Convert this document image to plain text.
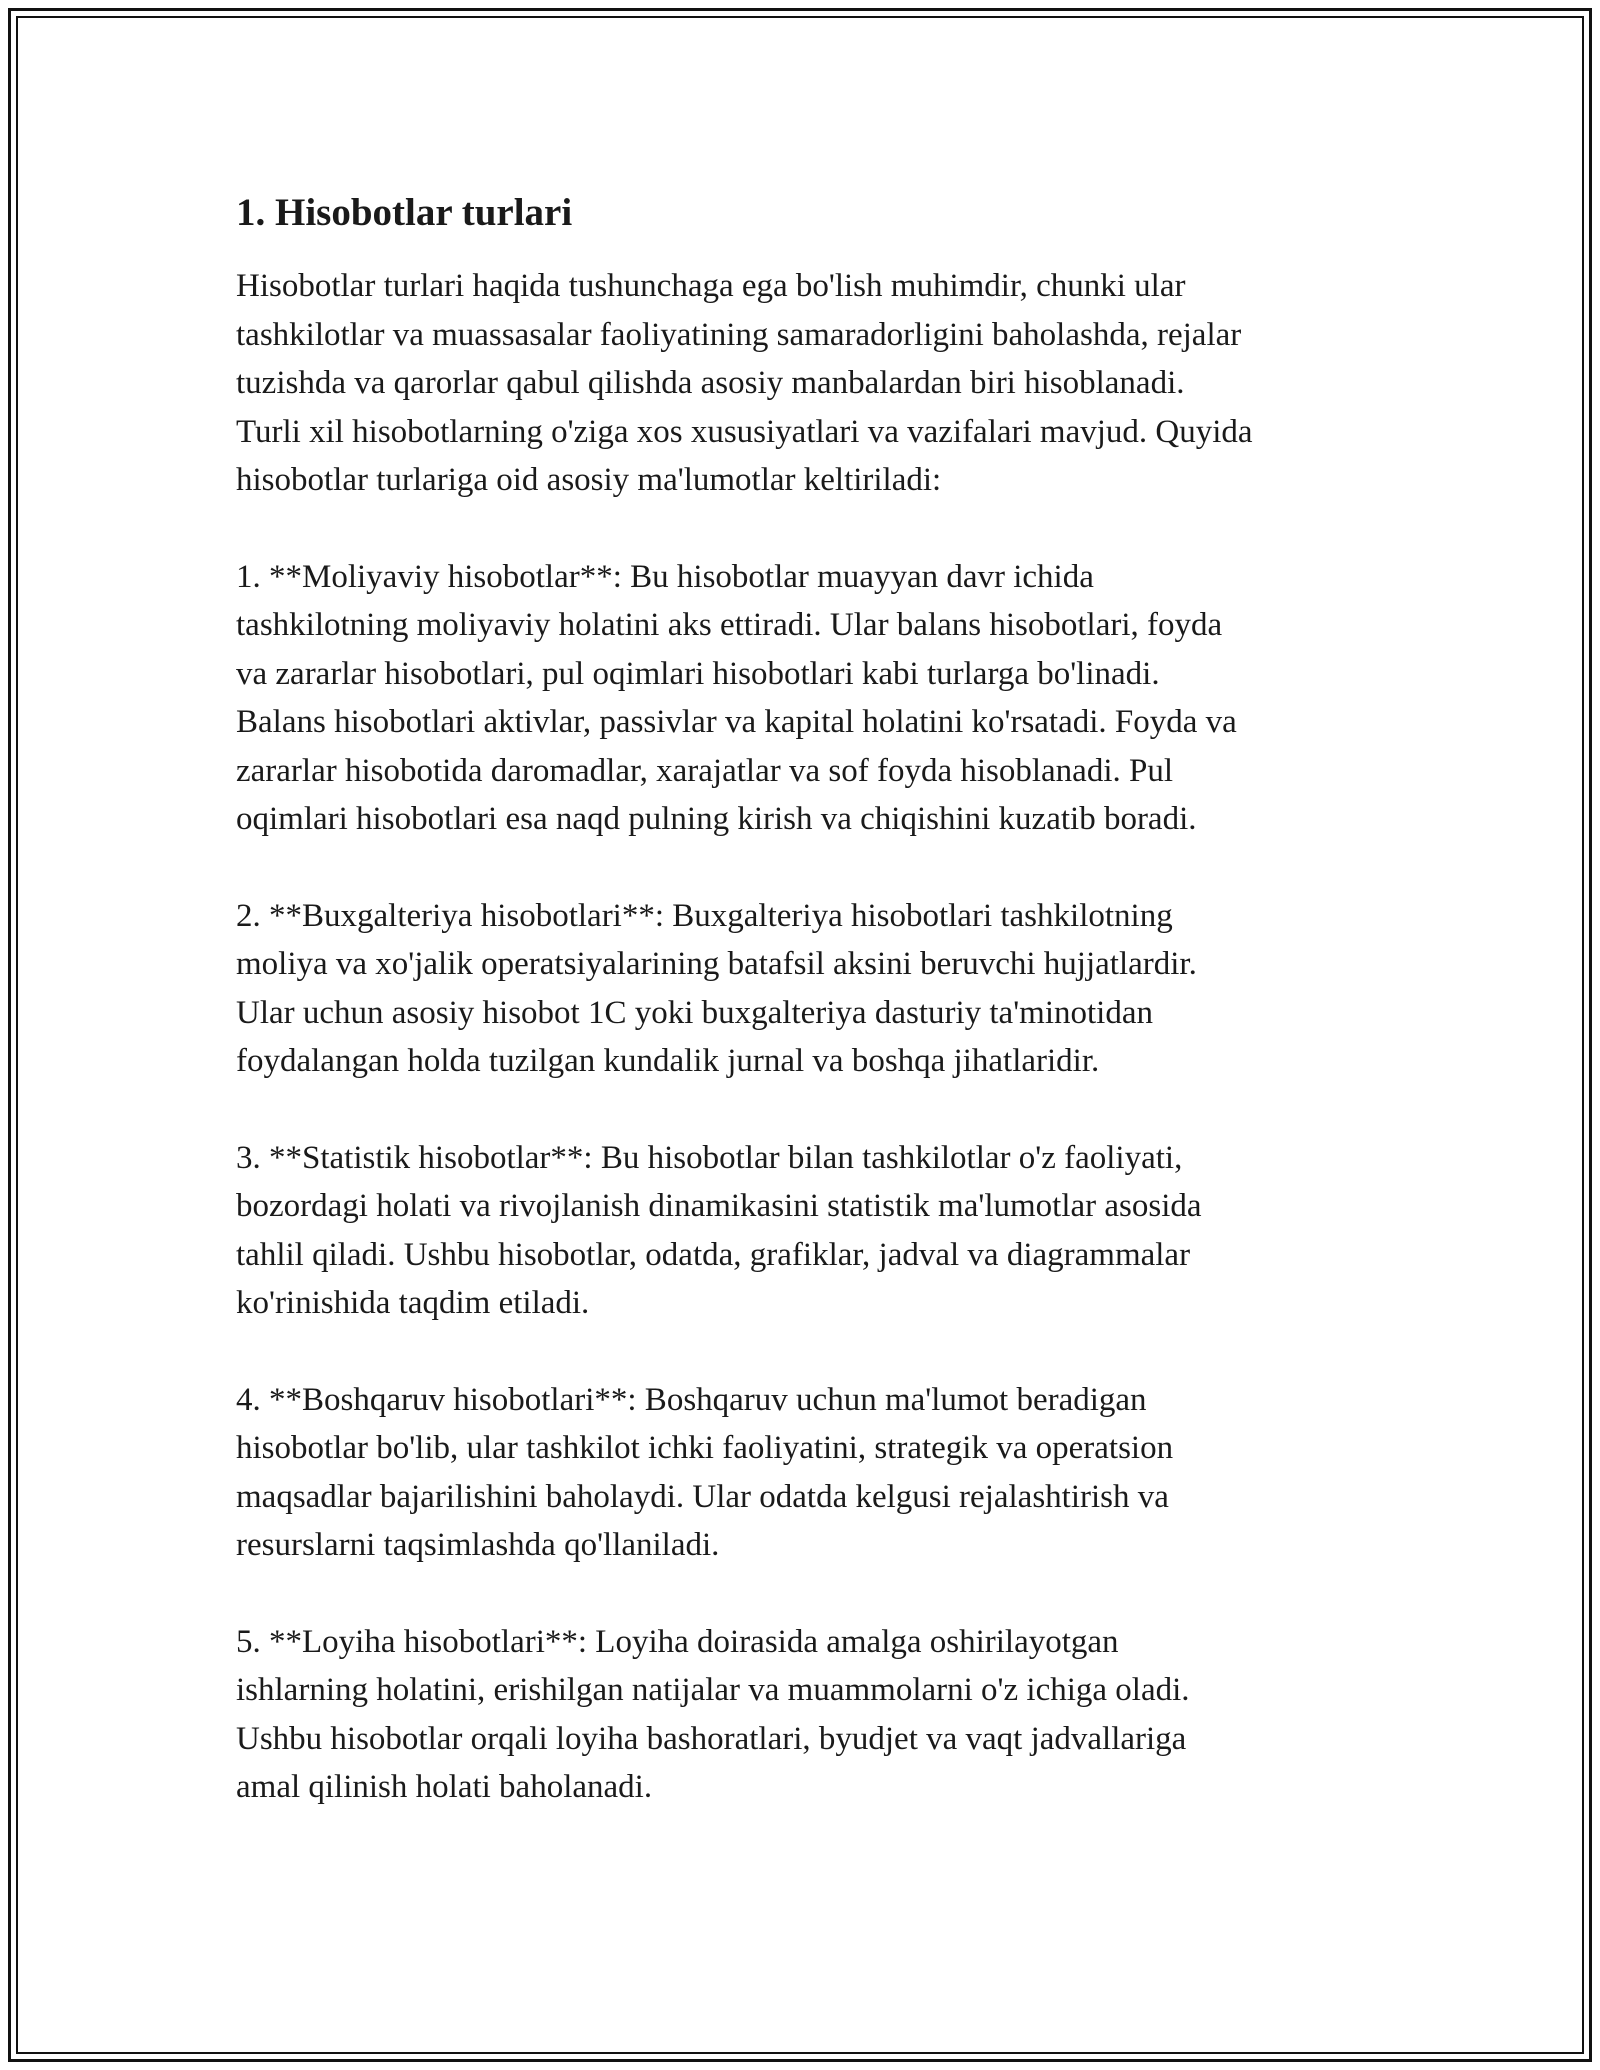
1. Hisobotlar turlari

Hisobotlar turlari haqida tushunchaga ega bo'lish muhimdir, chunki ular
tashkilotlar va muassasalar faoliyatining samaradorligini baholashda, rejalar
tuzishda va qarorlar qabul qilishda asosiy manbalardan biri hisoblanadi.
Turli xil hisobotlarning o'ziga xos xususiyatlari va vazifalari mavjud. Quyida
hisobotlar turlariga oid asosiy ma'lumotlar keltiriladi:

1. **Moliyaviy hisobotlar**: Bu hisobotlar muayyan davr ichida
tashkilotning moliyaviy holatini aks ettiradi. Ular balans hisobotlari, foyda
va zararlar hisobotlari, pul oqimlari hisobotlari kabi turlarga bo'linadi.
Balans hisobotlari aktivlar, passivlar va kapital holatini ko'rsatadi. Foyda va
zararlar hisobotida daromadlar, xarajatlar va sof foyda hisoblanadi. Pul
oqimlari hisobotlari esa naqd pulning kirish va chiqishini kuzatib boradi.

2. **Buxgalteriya hisobotlari**: Buxgalteriya hisobotlari tashkilotning
moliya va xo'jalik operatsiyalarining batafsil aksini beruvchi hujjatlardir.
Ular uchun asosiy hisobot 1C yoki buxgalteriya dasturiy ta'minotidan
foydalangan holda tuzilgan kundalik jurnal va boshqa jihatlaridir.

3. **Statistik hisobotlar**: Bu hisobotlar bilan tashkilotlar o'z faoliyati,
bozordagi holati va rivojlanish dinamikasini statistik ma'lumotlar asosida
tahlil qiladi. Ushbu hisobotlar, odatda, grafiklar, jadval va diagrammalar
ko'rinishida taqdim etiladi.

4. **Boshqaruv hisobotlari**: Boshqaruv uchun ma'lumot beradigan
hisobotlar bo'lib, ular tashkilot ichki faoliyatini, strategik va operatsion
maqsadlar bajarilishini baholaydi. Ular odatda kelgusi rejalashtirish va
resurslarni taqsimlashda qo'llaniladi.

5. **Loyiha hisobotlari**: Loyiha doirasida amalga oshirilayotgan
ishlarning holatini, erishilgan natijalar va muammolarni o'z ichiga oladi.
Ushbu hisobotlar orqali loyiha bashoratlari, byudjet va vaqt jadvallariga
amal qilinish holati baholanadi.
